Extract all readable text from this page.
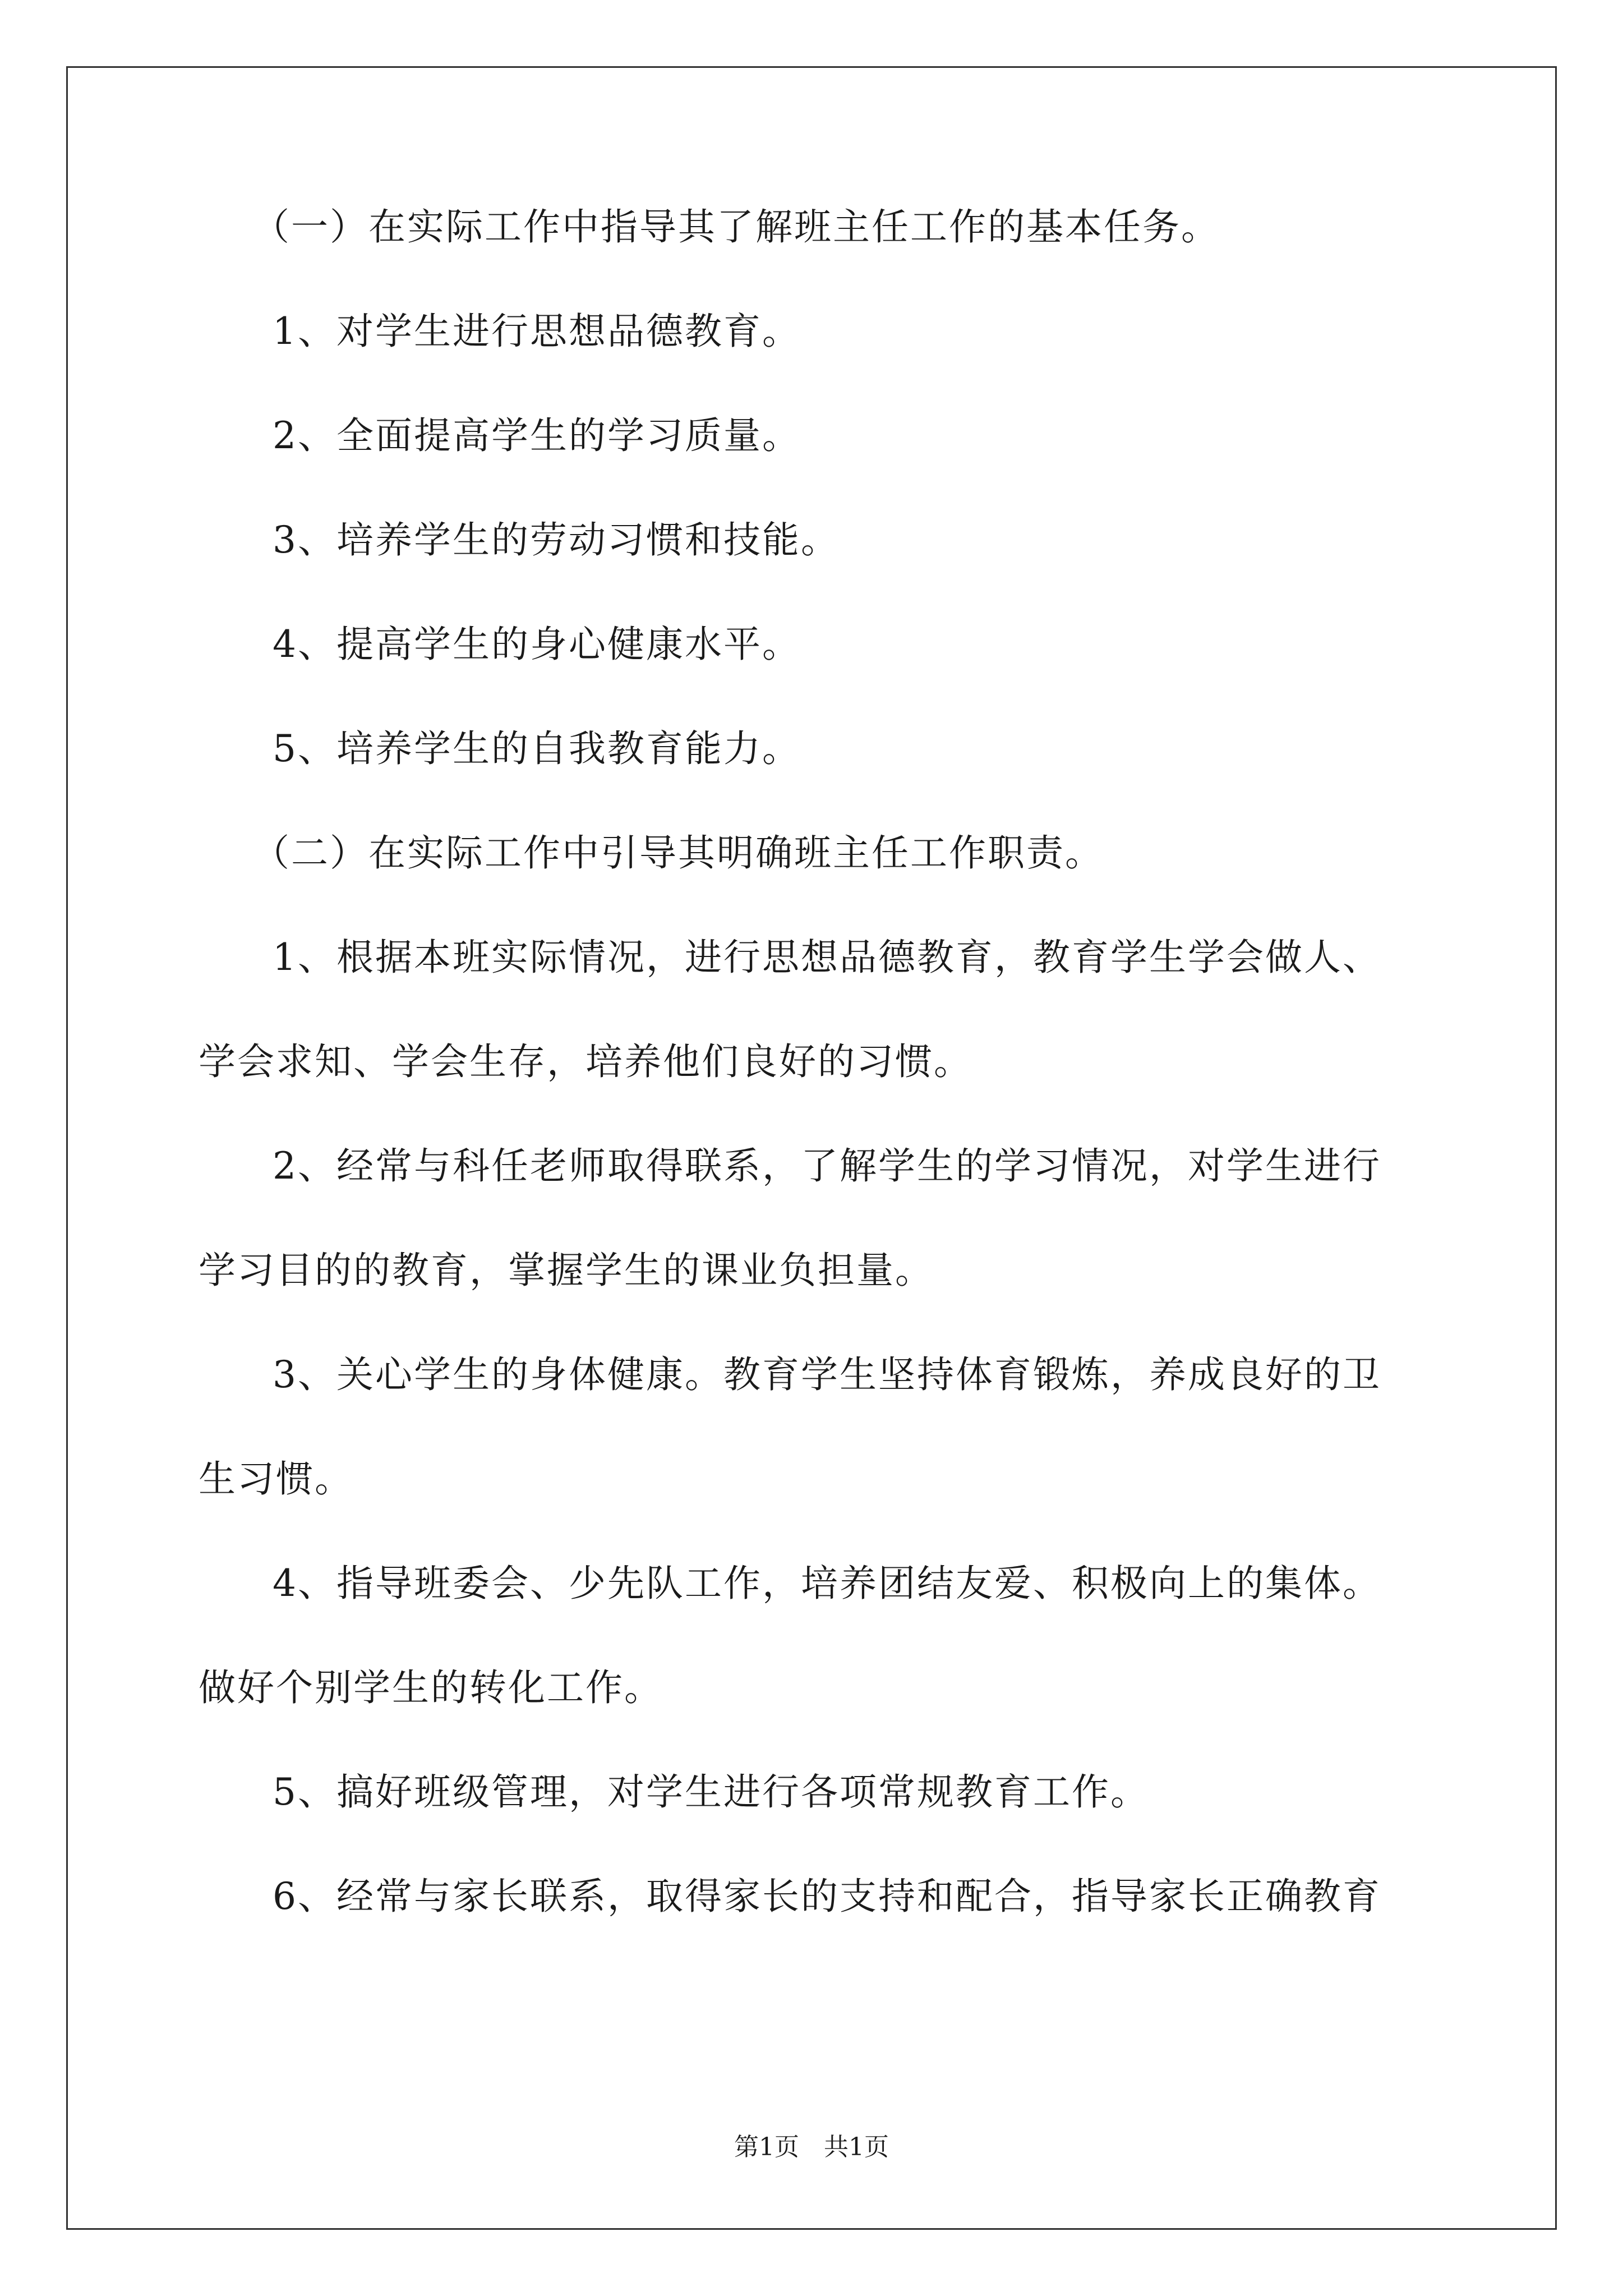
（一）在实际工作中指导其了解班主任工作的基本任务。
1、对学生进行思想品德教育。
2、全面提高学生的学习质量。
3、培养学生的劳动习惯和技能。
4、提高学生的身心健康水平。
5、培养学生的自我教育能力。
（二）在实际工作中引导其明确班主任工作职责。
1、根据本班实际情况，进行思想品德教育，教育学生学会做人、
学会求知、学会生存，培养他们良好的习惯。
2、经常与科任老师取得联系，了解学生的学习情况，对学生进行
学习目的的教育，掌握学生的课业负担量。
3、关心学生的身体健康。教育学生坚持体育锻炼，养成良好的卫
生习惯。
4、指导班委会、少先队工作，培养团结友爱、积极向上的集体。
做好个别学生的转化工作。
5、搞好班级管理，对学生进行各项常规教育工作。
6、经常与家长联系，取得家长的支持和配合，指导家长正确教育
第1页　共1页
